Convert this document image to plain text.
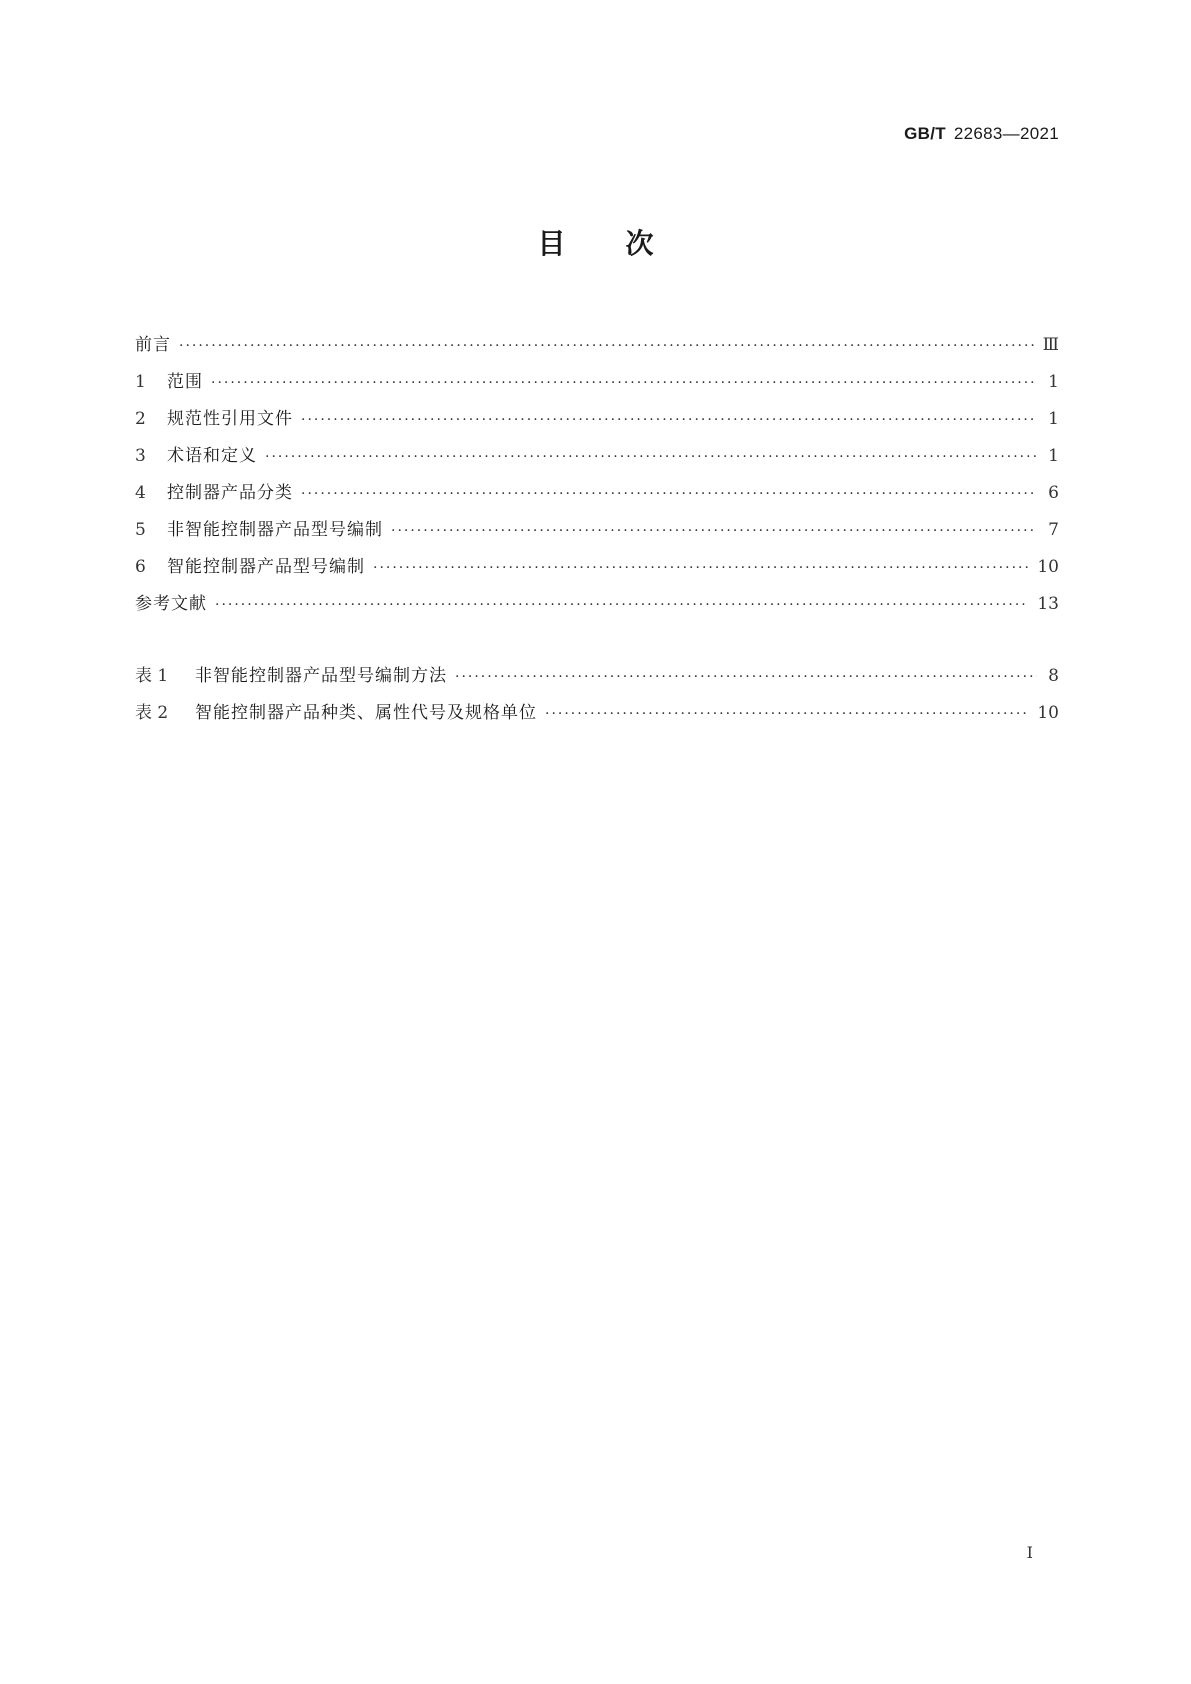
GB/T 22683—2021
目 次
前言 ·····	Ⅲ
1	范围 ·····	1
2	规范性引用文件 ·····	1
3	术语和定义 ·····	1
4	控制器产品分类 ·····	6
5	非智能控制器产品型号编制 ·····	7
6	智能控制器产品型号编制 ·····	10
参考文献 ·····	13
表 1	非智能控制器产品型号编制方法 ·····	8
表 2	智能控制器产品种类、属性代号及规格单位 ·····	10
I
